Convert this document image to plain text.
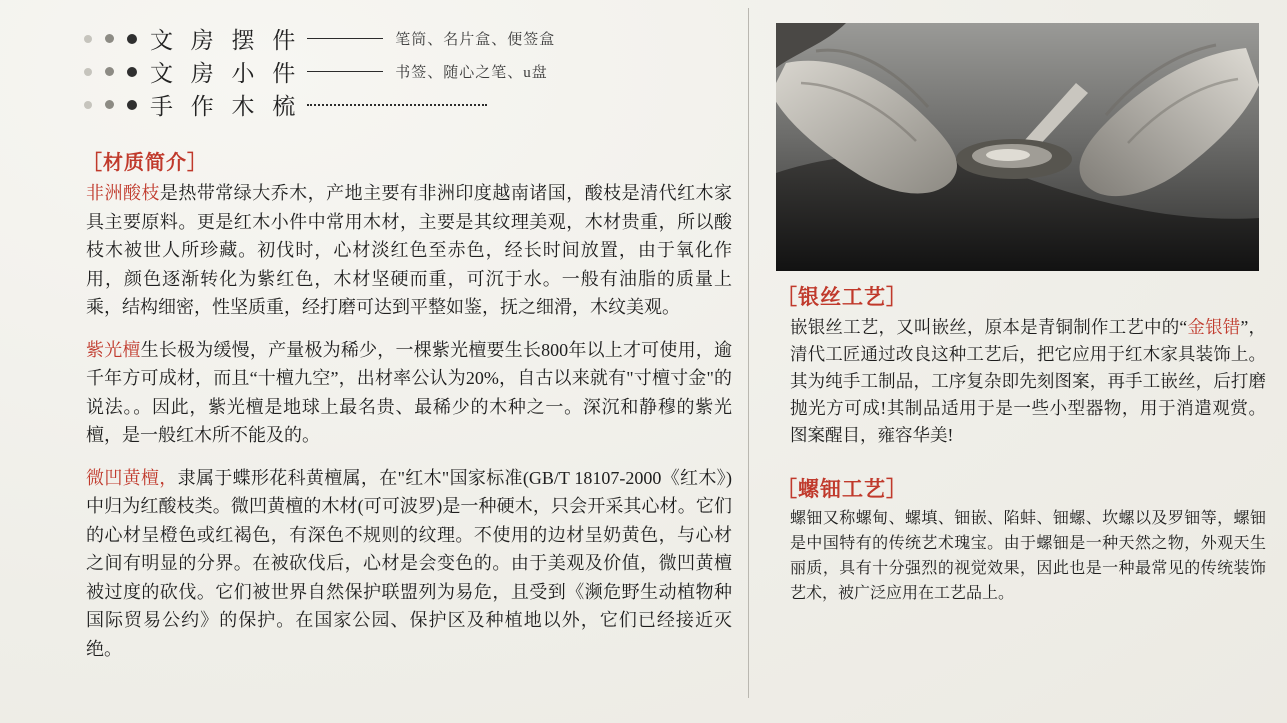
文 房 摆 件	笔筒、名片盒、便签盒
文 房 小 件	书签、随心之笔、u盘
手 作 木 梳
［材质简介］

非洲酸枝是热带常绿大乔木，产地主要有非洲印度越南诸国，酸枝是清代红木家具主要原料。更是红木小件中常用木材，主要是其纹理美观，木材贵重，所以酸枝木被世人所珍藏。初伐时，心材淡红色至赤色，经长时间放置，由于氧化作用，颜色逐渐转化为紫红色，木材坚硬而重，可沉于水。一般有油脂的质量上乘，结构细密，性坚质重，经打磨可达到平整如鉴，抚之细滑，木纹美观。

紫光檀生长极为缓慢，产量极为稀少，一棵紫光檀要生长800年以上才可使用，逾千年方可成材，而且“十檀九空”，出材率公认为20%，自古以来就有"寸檀寸金"的说法。。因此，紫光檀是地球上最名贵、最稀少的木种之一。深沉和静穆的紫光檀，是一般红木所不能及的。

微凹黄檀，隶属于蝶形花科黄檀属，在"红木"国家标准(GB/T 18107-2000《红木》)中归为红酸枝类。微凹黄檀的木材(可可波罗)是一种硬木，只会开采其心材。它们的心材呈橙色或红褐色，有深色不规则的纹理。不使用的边材呈奶黄色，与心材之间有明显的分界。在被砍伐后，心材是会变色的。由于美观及价值，微凹黄檀被过度的砍伐。它们被世界自然保护联盟列为易危，且受到《濒危野生动植物种国际贸易公约》的保护。在国家公园、保护区及种植地以外，它们已经接近灭绝。

［银丝工艺］

嵌银丝工艺，又叫嵌丝，原本是青铜制作工艺中的“金银错”，清代工匠通过改良这种工艺后，把它应用于红木家具装饰上。其为纯手工制品，工序复杂即先刻图案，再手工嵌丝，后打磨抛光方可成!其制品适用于是一些小型器物，用于消遣观赏。图案醒目，雍容华美!

［螺钿工艺］

螺钿又称螺甸、螺填、钿嵌、陷蚌、钿螺、坎螺以及罗钿等，螺钿是中国特有的传统艺术瑰宝。由于螺钿是一种天然之物，外观天生丽质，具有十分强烈的视觉效果，因此也是一种最常见的传统装饰艺术，被广泛应用在工艺品上。
